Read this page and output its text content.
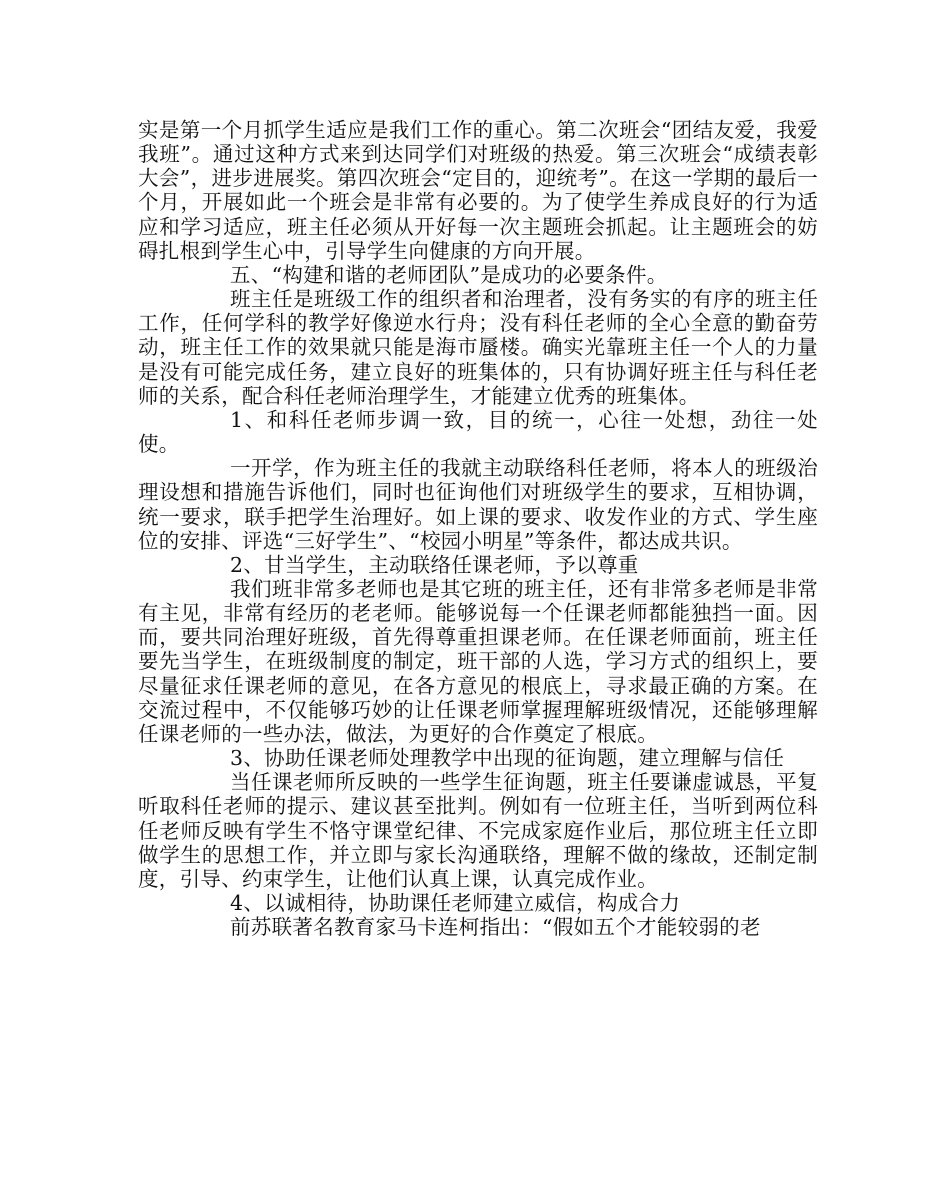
实是第一个月抓学生适应是我们工作的重心。第二次班会“团结友爱，我爱我班”。通过这种方式来到达同学们对班级的热爱。第三次班会“成绩表彰大会”，进步进展奖。第四次班会“定目的，迎统考”。在这一学期的最后一个月，开展如此一个班会是非常有必要的。为了使学生养成良好的行为适应和学习适应，班主任必须从开好每一次主题班会抓起。让主题班会的妨碍扎根到学生心中，引导学生向健康的方向开展。

五、“构建和谐的老师团队”是成功的必要条件。

班主任是班级工作的组织者和治理者，没有务实的有序的班主任工作，任何学科的教学好像逆水行舟；没有科任老师的全心全意的勤奋劳动，班主任工作的效果就只能是海市蜃楼。确实光靠班主任一个人的力量是没有可能完成任务，建立良好的班集体的，只有协调好班主任与科任老师的关系，配合科任老师治理学生，才能建立优秀的班集体。

1、和科任老师步调一致，目的统一，心往一处想，劲往一处使。

一开学，作为班主任的我就主动联络科任老师，将本人的班级治理设想和措施告诉他们，同时也征询他们对班级学生的要求，互相协调，统一要求，联手把学生治理好。如上课的要求、收发作业的方式、学生座位的安排、评选“三好学生”、“校园小明星”等条件，都达成共识。

2、甘当学生，主动联络任课老师，予以尊重

我们班非常多老师也是其它班的班主任，还有非常多老师是非常有主见，非常有经历的老老师。能够说每一个任课老师都能独挡一面。因而，要共同治理好班级，首先得尊重担课老师。在任课老师面前，班主任要先当学生，在班级制度的制定，班干部的人选，学习方式的组织上，要尽量征求任课老师的意见，在各方意见的根底上，寻求最正确的方案。在交流过程中，不仅能够巧妙的让任课老师掌握理解班级情况，还能够理解任课老师的一些办法，做法，为更好的合作奠定了根底。

3、协助任课老师处理教学中出现的征询题，建立理解与信任

当任课老师所反映的一些学生征询题，班主任要谦虚诚恳，平复听取科任老师的提示、建议甚至批判。例如有一位班主任，当听到两位科任老师反映有学生不恪守课堂纪律、不完成家庭作业后，那位班主任立即做学生的思想工作，并立即与家长沟通联络，理解不做的缘故，还制定制度，引导、约束学生，让他们认真上课，认真完成作业。

4、以诚相待，协助课任老师建立威信，构成合力

前苏联著名教育家马卡连柯指出：“假如五个才能较弱的老
